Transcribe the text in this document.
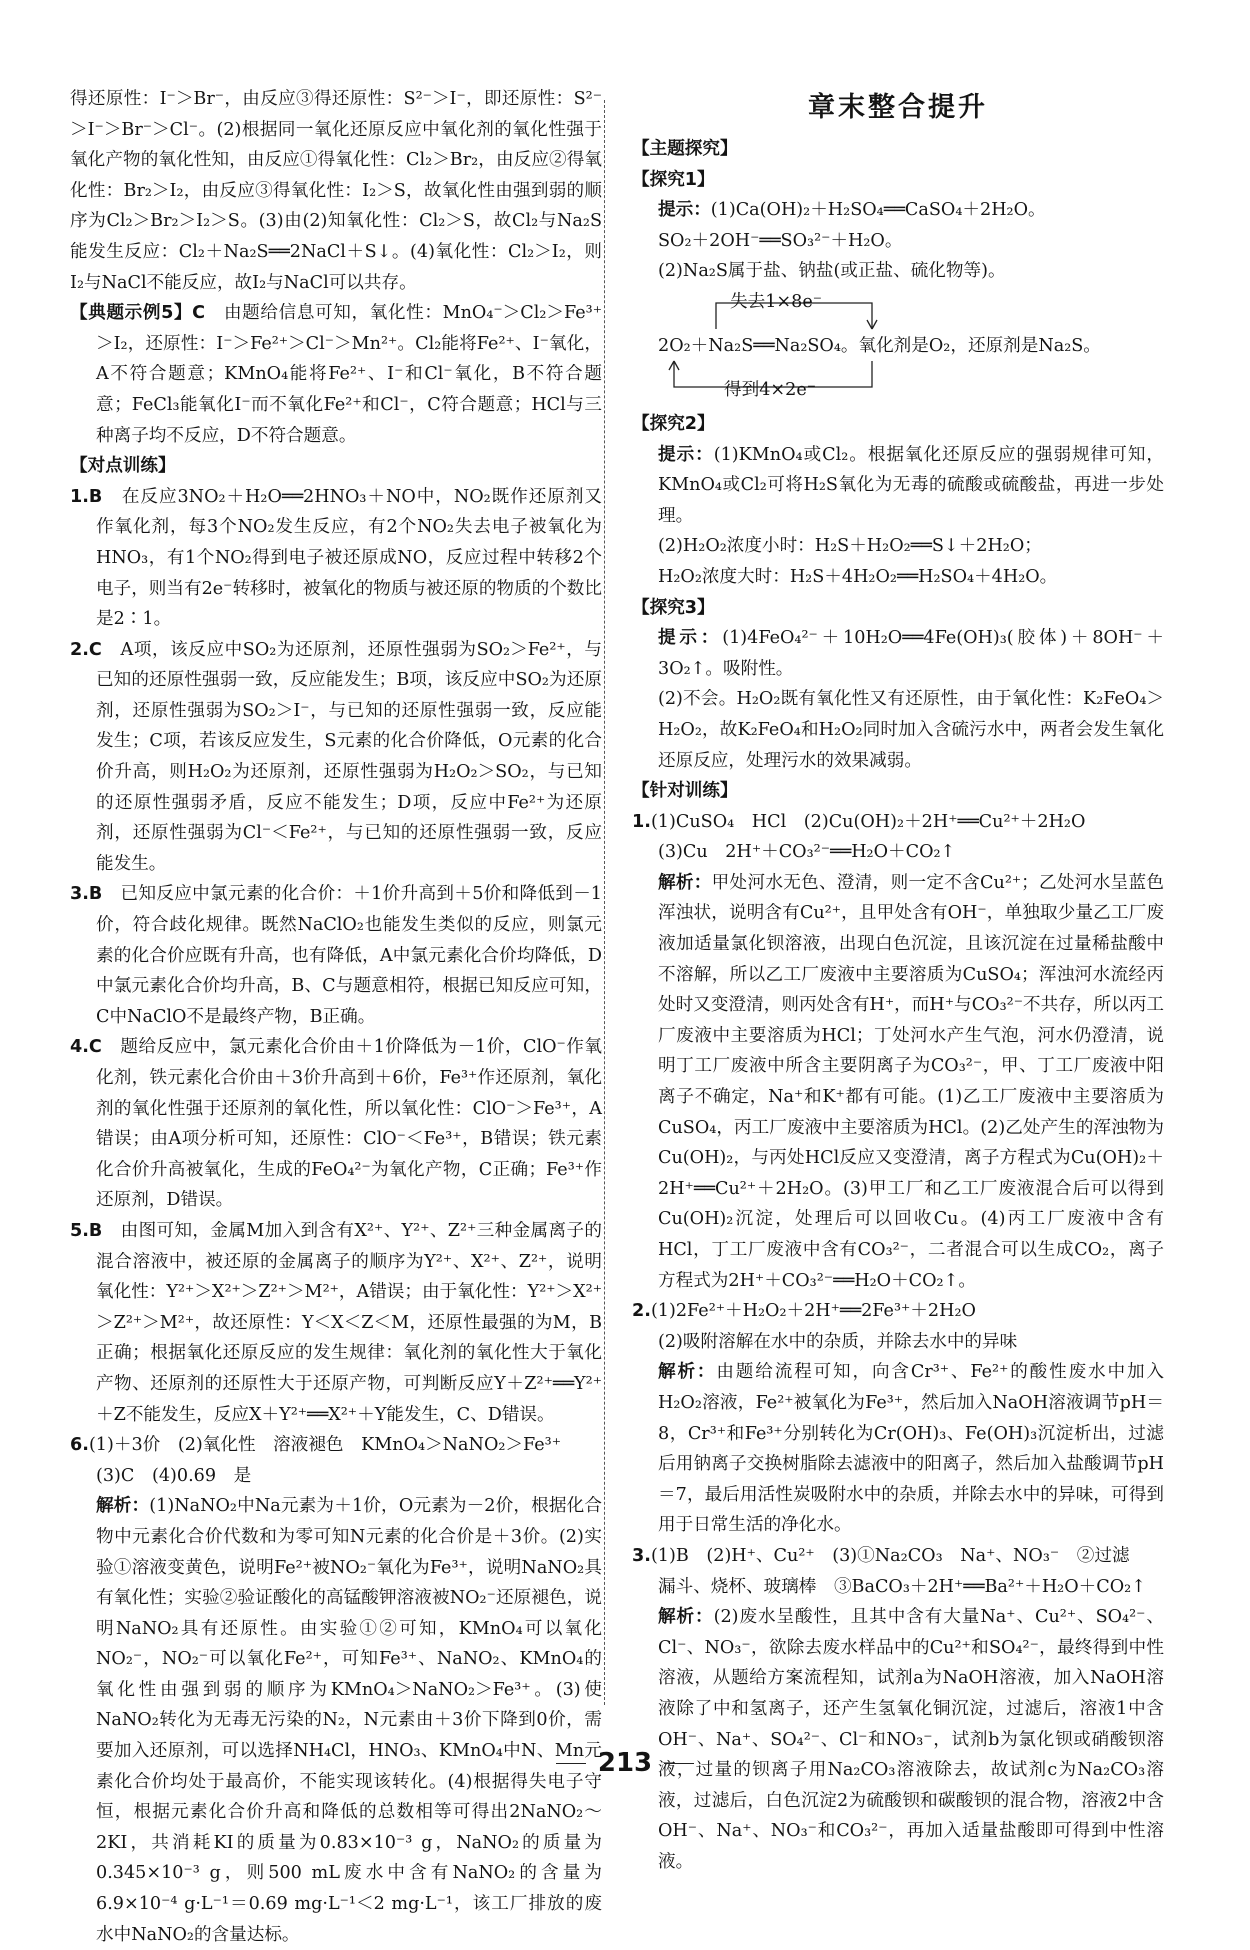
得还原性：I⁻＞Br⁻，由反应③得还原性：S²⁻＞I⁻，即还原性：S²⁻＞I⁻＞Br⁻＞Cl⁻。(2)根据同一氧化还原反应中氧化剂的氧化性强于氧化产物的氧化性知，由反应①得氧化性：Cl₂＞Br₂，由反应②得氧化性：Br₂＞I₂，由反应③得氧化性：I₂＞S，故氧化性由强到弱的顺序为Cl₂＞Br₂＞I₂＞S。(3)由(2)知氧化性：Cl₂＞S，故Cl₂与Na₂S能发生反应：Cl₂＋Na₂S══2NaCl＋S↓。(4)氧化性：Cl₂＞I₂，则I₂与NaCl不能反应，故I₂与NaCl可以共存。

【典题示例5】C　由题给信息可知，氧化性：MnO₄⁻＞Cl₂＞Fe³⁺＞I₂，还原性：I⁻＞Fe²⁺＞Cl⁻＞Mn²⁺。Cl₂能将Fe²⁺、I⁻氧化，A不符合题意；KMnO₄能将Fe²⁺、I⁻和Cl⁻氧化，B不符合题意；FeCl₃能氧化I⁻而不氧化Fe²⁺和Cl⁻，C符合题意；HCl与三种离子均不反应，D不符合题意。

【对点训练】

1.B　在反应3NO₂＋H₂O══2HNO₃＋NO中，NO₂既作还原剂又作氧化剂，每3个NO₂发生反应，有2个NO₂失去电子被氧化为HNO₃，有1个NO₂得到电子被还原成NO，反应过程中转移2个电子，则当有2e⁻转移时，被氧化的物质与被还原的物质的个数比是2∶1。

2.C　A项，该反应中SO₂为还原剂，还原性强弱为SO₂＞Fe²⁺，与已知的还原性强弱一致，反应能发生；B项，该反应中SO₂为还原剂，还原性强弱为SO₂＞I⁻，与已知的还原性强弱一致，反应能发生；C项，若该反应发生，S元素的化合价降低，O元素的化合价升高，则H₂O₂为还原剂，还原性强弱为H₂O₂＞SO₂，与已知的还原性强弱矛盾，反应不能发生；D项，反应中Fe²⁺为还原剂，还原性强弱为Cl⁻＜Fe²⁺，与已知的还原性强弱一致，反应能发生。

3.B　已知反应中氯元素的化合价：＋1价升高到＋5价和降低到－1价，符合歧化规律。既然NaClO₂也能发生类似的反应，则氯元素的化合价应既有升高，也有降低，A中氯元素化合价均降低，D中氯元素化合价均升高，B、C与题意相符，根据已知反应可知，C中NaClO不是最终产物，B正确。

4.C　题给反应中，氯元素化合价由＋1价降低为－1价，ClO⁻作氧化剂，铁元素化合价由＋3价升高到＋6价，Fe³⁺作还原剂，氧化剂的氧化性强于还原剂的氧化性，所以氧化性：ClO⁻＞Fe³⁺，A错误；由A项分析可知，还原性：ClO⁻＜Fe³⁺，B错误；铁元素化合价升高被氧化，生成的FeO₄²⁻为氧化产物，C正确；Fe³⁺作还原剂，D错误。

5.B　由图可知，金属M加入到含有X²⁺、Y²⁺、Z²⁺三种金属离子的混合溶液中，被还原的金属离子的顺序为Y²⁺、X²⁺、Z²⁺，说明氧化性：Y²⁺＞X²⁺＞Z²⁺＞M²⁺，A错误；由于氧化性：Y²⁺＞X²⁺＞Z²⁺＞M²⁺，故还原性：Y＜X＜Z＜M，还原性最强的为M，B正确；根据氧化还原反应的发生规律：氧化剂的氧化性大于氧化产物、还原剂的还原性大于还原产物，可判断反应Y＋Z²⁺══Y²⁺＋Z不能发生，反应X＋Y²⁺══X²⁺＋Y能发生，C、D错误。

6.(1)＋3价　(2)氧化性　溶液褪色　KMnO₄＞NaNO₂＞Fe³⁺

(3)C　(4)0.69　是

解析：(1)NaNO₂中Na元素为＋1价，O元素为－2价，根据化合物中元素化合价代数和为零可知N元素的化合价是＋3价。(2)实验①溶液变黄色，说明Fe²⁺被NO₂⁻氧化为Fe³⁺，说明NaNO₂具有氧化性；实验②验证酸化的高锰酸钾溶液被NO₂⁻还原褪色，说明NaNO₂具有还原性。由实验①②可知，KMnO₄可以氧化NO₂⁻，NO₂⁻可以氧化Fe²⁺，可知Fe³⁺、NaNO₂、KMnO₄的氧化性由强到弱的顺序为KMnO₄＞NaNO₂＞Fe³⁺。(3)使NaNO₂转化为无毒无污染的N₂，N元素由＋3价下降到0价，需要加入还原剂，可以选择NH₄Cl，HNO₃、KMnO₄中N、Mn元素化合价均处于最高价，不能实现该转化。(4)根据得失电子守恒，根据元素化合价升高和降低的总数相等可得出2NaNO₂～2KI，共消耗KI的质量为0.83×10⁻³ g，NaNO₂的质量为0.345×10⁻³ g，则500 mL废水中含有NaNO₂的含量为6.9×10⁻⁴ g·L⁻¹＝0.69 mg·L⁻¹＜2 mg·L⁻¹，该工厂排放的废水中NaNO₂的含量达标。

章末整合提升

【主题探究】

【探究1】

提示：(1)Ca(OH)₂＋H₂SO₄══CaSO₄＋2H₂O。

SO₂＋2OH⁻══SO₃²⁻＋H₂O。

(2)Na₂S属于盐、钠盐(或正盐、硫化物等)。

失去1×8e⁻
2O₂＋Na₂S══Na₂SO₄。氧化剂是O₂，还原剂是Na₂S。
得到4×2e⁻

【探究2】

提示：(1)KMnO₄或Cl₂。根据氧化还原反应的强弱规律可知，KMnO₄或Cl₂可将H₂S氧化为无毒的硫酸或硫酸盐，再进一步处理。

(2)H₂O₂浓度小时：H₂S＋H₂O₂══S↓＋2H₂O；

H₂O₂浓度大时：H₂S＋4H₂O₂══H₂SO₄＋4H₂O。

【探究3】

提示：(1)4FeO₄²⁻＋10H₂O══4Fe(OH)₃(胶体)＋8OH⁻＋3O₂↑。吸附性。

(2)不会。H₂O₂既有氧化性又有还原性，由于氧化性：K₂FeO₄＞H₂O₂，故K₂FeO₄和H₂O₂同时加入含硫污水中，两者会发生氧化还原反应，处理污水的效果减弱。

【针对训练】

1.(1)CuSO₄　HCl　(2)Cu(OH)₂＋2H⁺══Cu²⁺＋2H₂O

(3)Cu　2H⁺＋CO₃²⁻══H₂O＋CO₂↑

解析：甲处河水无色、澄清，则一定不含Cu²⁺；乙处河水呈蓝色浑浊状，说明含有Cu²⁺，且甲处含有OH⁻，单独取少量乙工厂废液加适量氯化钡溶液，出现白色沉淀，且该沉淀在过量稀盐酸中不溶解，所以乙工厂废液中主要溶质为CuSO₄；浑浊河水流经丙处时又变澄清，则丙处含有H⁺，而H⁺与CO₃²⁻不共存，所以丙工厂废液中主要溶质为HCl；丁处河水产生气泡，河水仍澄清，说明丁工厂废液中所含主要阴离子为CO₃²⁻，甲、丁工厂废液中阳离子不确定，Na⁺和K⁺都有可能。(1)乙工厂废液中主要溶质为CuSO₄，丙工厂废液中主要溶质为HCl。(2)乙处产生的浑浊物为Cu(OH)₂，与丙处HCl反应又变澄清，离子方程式为Cu(OH)₂＋2H⁺══Cu²⁺＋2H₂O。(3)甲工厂和乙工厂废液混合后可以得到Cu(OH)₂沉淀，处理后可以回收Cu。(4)丙工厂废液中含有HCl，丁工厂废液中含有CO₃²⁻，二者混合可以生成CO₂，离子方程式为2H⁺＋CO₃²⁻══H₂O＋CO₂↑。

2.(1)2Fe²⁺＋H₂O₂＋2H⁺══2Fe³⁺＋2H₂O

(2)吸附溶解在水中的杂质，并除去水中的异味

解析：由题给流程可知，向含Cr³⁺、Fe²⁺的酸性废水中加入H₂O₂溶液，Fe²⁺被氧化为Fe³⁺，然后加入NaOH溶液调节pH＝8，Cr³⁺和Fe³⁺分别转化为Cr(OH)₃、Fe(OH)₃沉淀析出，过滤后用钠离子交换树脂除去滤液中的阳离子，然后加入盐酸调节pH＝7，最后用活性炭吸附水中的杂质，并除去水中的异味，可得到用于日常生活的净化水。

3.(1)B　(2)H⁺、Cu²⁺　(3)①Na₂CO₃　Na⁺、NO₃⁻　②过滤

漏斗、烧杯、玻璃棒　③BaCO₃＋2H⁺══Ba²⁺＋H₂O＋CO₂↑

解析：(2)废水呈酸性，且其中含有大量Na⁺、Cu²⁺、SO₄²⁻、Cl⁻、NO₃⁻，欲除去废水样品中的Cu²⁺和SO₄²⁻，最终得到中性溶液，从题给方案流程知，试剂a为NaOH溶液，加入NaOH溶液除了中和氢离子，还产生氢氧化铜沉淀，过滤后，溶液1中含OH⁻、Na⁺、SO₄²⁻、Cl⁻和NO₃⁻，试剂b为氯化钡或硝酸钡溶液，过量的钡离子用Na₂CO₃溶液除去，故试剂c为Na₂CO₃溶液，过滤后，白色沉淀2为硫酸钡和碳酸钡的混合物，溶液2中含OH⁻、Na⁺、NO₃⁻和CO₃²⁻，再加入适量盐酸即可得到中性溶液。

213
